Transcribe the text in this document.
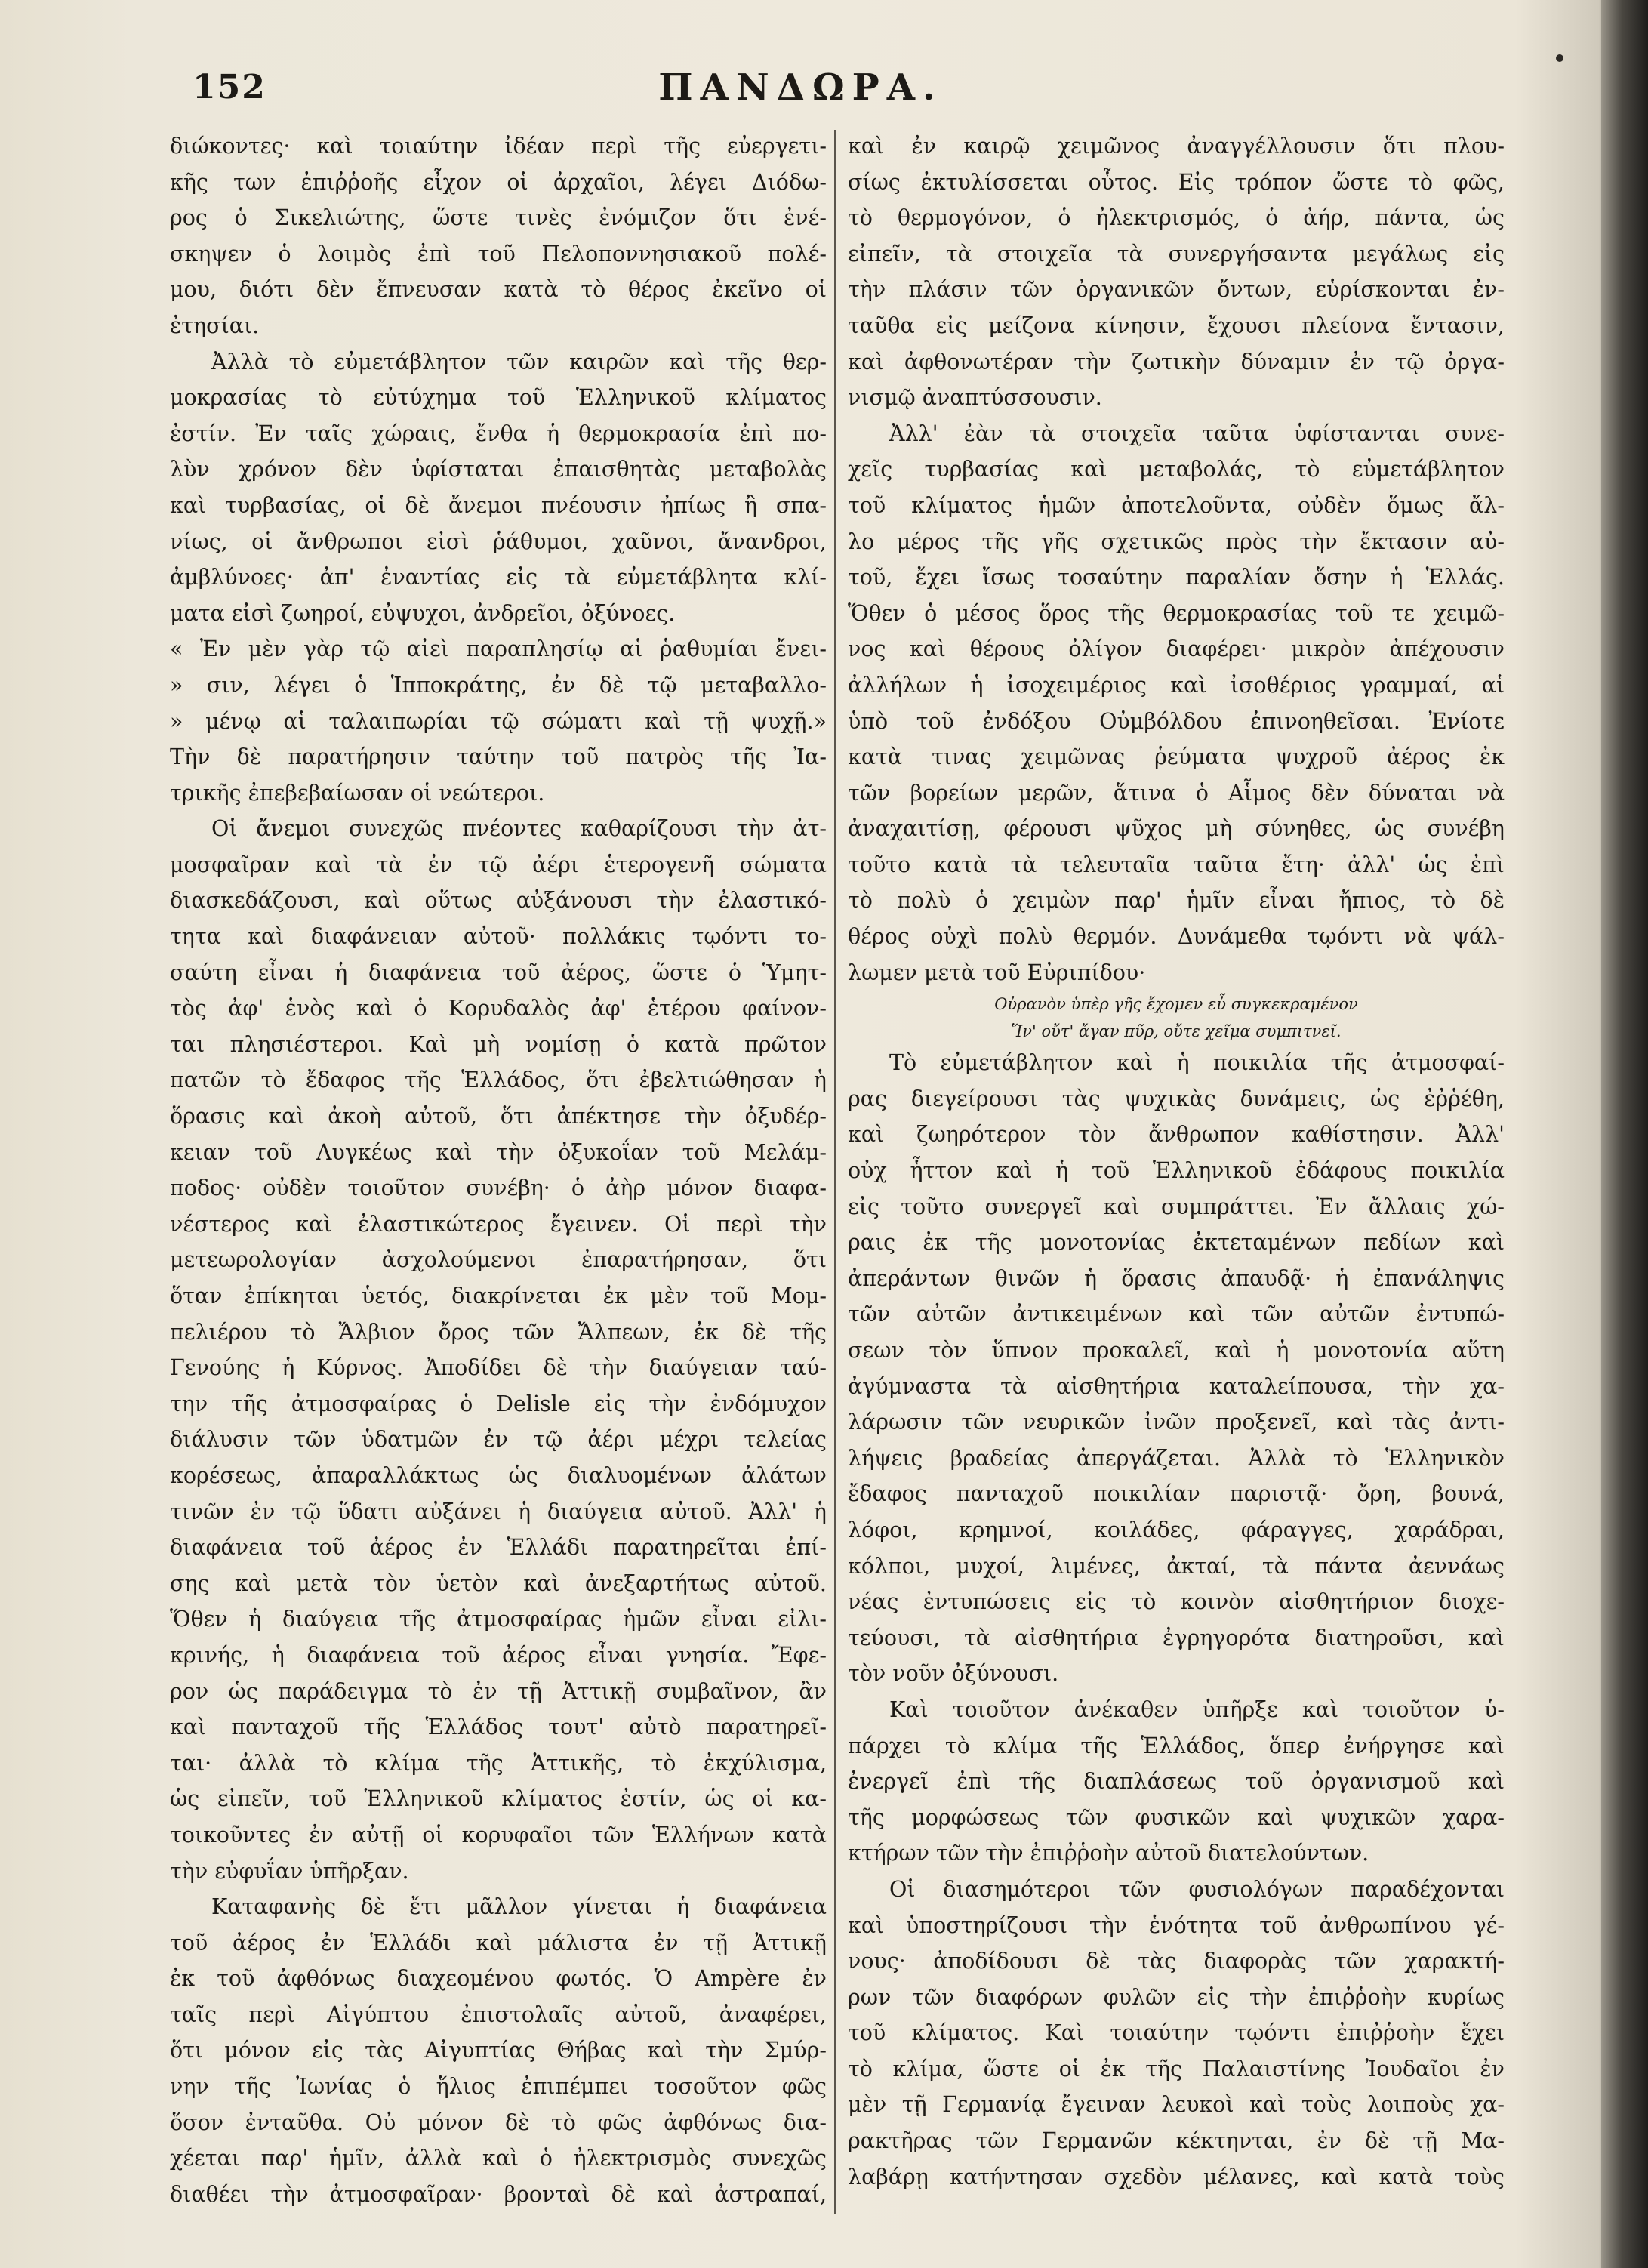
152	ΠΑΝΔΩΡΑ.
διώκοντες· καὶ τοιαύτην ἰδέαν περὶ τῆς εὐεργετι-
κῆς των ἐπιῤῥοῆς εἶχον οἱ ἀρχαῖοι, λέγει Διόδω-
ρος ὁ Σικελιώτης, ὥστε τινὲς ἐνόμιζον ὅτι ἐνέ-
σκηψεν ὁ λοιμὸς ἐπὶ τοῦ Πελοποννησιακοῦ πολέ-
μου, διότι δὲν ἔπνευσαν κατὰ τὸ θέρος ἐκεῖνο οἱ
ἐτησίαι.
Ἀλλὰ τὸ εὐμετάβλητον τῶν καιρῶν καὶ τῆς θερ-
μοκρασίας τὸ εὐτύχημα τοῦ Ἑλληνικοῦ κλίματος
ἐστίν. Ἐν ταῖς χώραις, ἔνθα ἡ θερμοκρασία ἐπὶ πο-
λὺν χρόνον δὲν ὑφίσταται ἐπαισθητὰς μεταβολὰς
καὶ τυρβασίας, οἱ δὲ ἄνεμοι πνέουσιν ἠπίως ἢ σπα-
νίως, οἱ ἄνθρωποι εἰσὶ ῥάθυμοι, χαῦνοι, ἄνανδροι,
ἀμβλύνοες· ἀπ' ἐναντίας εἰς τὰ εὐμετάβλητα κλί-
ματα εἰσὶ ζωηροί, εὐψυχοι, ἀνδρεῖοι, ὀξύνοες.
« Ἐν μὲν γὰρ τῷ αἰεὶ παραπλησίῳ αἱ ῥαθυμίαι ἔνει-
» σιν, λέγει ὁ Ἱπποκράτης, ἐν δὲ τῷ μεταβαλλο-
» μένῳ αἱ ταλαιπωρίαι τῷ σώματι καὶ τῇ ψυχῇ.»
Τὴν δὲ παρατήρησιν ταύτην τοῦ πατρὸς τῆς Ἰα-
τρικῆς ἐπεβεβαίωσαν οἱ νεώτεροι.
Οἱ ἄνεμοι συνεχῶς πνέοντες καθαρίζουσι τὴν ἀτ-
μοσφαῖραν καὶ τὰ ἐν τῷ ἀέρι ἑτερογενῆ σώματα
διασκεδάζουσι, καὶ οὕτως αὐξάνουσι τὴν ἐλαστικό-
τητα καὶ διαφάνειαν αὐτοῦ· πολλάκις τῳόντι το-
σαύτη εἶναι ἡ διαφάνεια τοῦ ἀέρος, ὥστε ὁ Ὑμητ-
τὸς ἀφ' ἑνὸς καὶ ὁ Κορυδαλὸς ἀφ' ἑτέρου φαίνον-
ται πλησιέστεροι. Καὶ μὴ νομίσῃ ὁ κατὰ πρῶτον
πατῶν τὸ ἔδαφος τῆς Ἑλλάδος, ὅτι ἐβελτιώθησαν ἡ
ὅρασις καὶ ἀκοὴ αὐτοῦ, ὅτι ἀπέκτησε τὴν ὀξυδέρ-
κειαν τοῦ Λυγκέως καὶ τὴν ὀξυκοΐαν τοῦ Μελάμ-
ποδος· οὐδὲν τοιοῦτον συνέβη· ὁ ἀὴρ μόνον διαφα-
νέστερος καὶ ἐλαστικώτερος ἔγεινεν. Οἱ περὶ τὴν
μετεωρολογίαν ἀσχολούμενοι ἐπαρατήρησαν, ὅτι
ὅταν ἐπίκηται ὑετός, διακρίνεται ἐκ μὲν τοῦ Μομ-
πελιέρου τὸ Ἄλβιον ὄρος τῶν Ἄλπεων, ἐκ δὲ τῆς
Γενούης ἡ Κύρνος. Ἀποδίδει δὲ τὴν διαύγειαν ταύ-
την τῆς ἀτμοσφαίρας ὁ Delisle εἰς τὴν ἐνδόμυχον
διάλυσιν τῶν ὑδατμῶν ἐν τῷ ἀέρι μέχρι τελείας
κορέσεως, ἀπαραλλάκτως ὡς διαλυομένων ἀλάτων
τινῶν ἐν τῷ ὕδατι αὐξάνει ἡ διαύγεια αὐτοῦ. Ἀλλ' ἡ
διαφάνεια τοῦ ἀέρος ἐν Ἑλλάδι παρατηρεῖται ἐπί-
σης καὶ μετὰ τὸν ὑετὸν καὶ ἀνεξαρτήτως αὐτοῦ.
Ὅθεν ἡ διαύγεια τῆς ἀτμοσφαίρας ἡμῶν εἶναι εἰλι-
κρινής, ἡ διαφάνεια τοῦ ἀέρος εἶναι γνησία. Ἔφε-
ρον ὡς παράδειγμα τὸ ἐν τῇ Ἀττικῇ συμβαῖνον, ἂν
καὶ πανταχοῦ τῆς Ἑλλάδος τουτ' αὐτὸ παρατηρεῖ-
ται· ἀλλὰ τὸ κλίμα τῆς Ἀττικῆς, τὸ ἐκχύλισμα,
ὡς εἰπεῖν, τοῦ Ἑλληνικοῦ κλίματος ἐστίν, ὡς οἱ κα-
τοικοῦντες ἐν αὐτῇ οἱ κορυφαῖοι τῶν Ἑλλήνων κατὰ
τὴν εὐφυΐαν ὑπῆρξαν.
Καταφανὴς δὲ ἔτι μᾶλλον γίνεται ἡ διαφάνεια
τοῦ ἀέρος ἐν Ἑλλάδι καὶ μάλιστα ἐν τῇ Ἀττικῇ
ἐκ τοῦ ἀφθόνως διαχεομένου φωτός. Ὁ Ampère ἐν
ταῖς περὶ Αἰγύπτου ἐπιστολαῖς αὐτοῦ, ἀναφέρει,
ὅτι μόνον εἰς τὰς Αἰγυπτίας Θήβας καὶ τὴν Σμύρ-
νην τῆς Ἰωνίας ὁ ἥλιος ἐπιπέμπει τοσοῦτον φῶς
ὅσον ἐνταῦθα. Οὐ μόνον δὲ τὸ φῶς ἀφθόνως δια-
χέεται παρ' ἡμῖν, ἀλλὰ καὶ ὁ ἠλεκτρισμὸς συνεχῶς
διαθέει τὴν ἀτμοσφαῖραν· βρονταὶ δὲ καὶ ἀστραπαί,
καὶ ἐν καιρῷ χειμῶνος ἀναγγέλλουσιν ὅτι πλου-
σίως ἐκτυλίσσεται οὗτος. Εἰς τρόπον ὥστε τὸ φῶς,
τὸ θερμογόνον, ὁ ἠλεκτρισμός, ὁ ἀήρ, πάντα, ὡς
εἰπεῖν, τὰ στοιχεῖα τὰ συνεργήσαντα μεγάλως εἰς
τὴν πλάσιν τῶν ὀργανικῶν ὄντων, εὑρίσκονται ἐν-
ταῦθα εἰς μείζονα κίνησιν, ἔχουσι πλείονα ἔντασιν,
καὶ ἀφθονωτέραν τὴν ζωτικὴν δύναμιν ἐν τῷ ὀργα-
νισμῷ ἀναπτύσσουσιν.
Ἀλλ' ἐὰν τὰ στοιχεῖα ταῦτα ὑφίστανται συνε-
χεῖς τυρβασίας καὶ μεταβολάς, τὸ εὐμετάβλητον
τοῦ κλίματος ἡμῶν ἀποτελοῦντα, οὐδὲν ὅμως ἄλ-
λο μέρος τῆς γῆς σχετικῶς πρὸς τὴν ἔκτασιν αὐ-
τοῦ, ἔχει ἴσως τοσαύτην παραλίαν ὅσην ἡ Ἑλλάς.
Ὅθεν ὁ μέσος ὅρος τῆς θερμοκρασίας τοῦ τε χειμῶ-
νος καὶ θέρους ὀλίγον διαφέρει· μικρὸν ἀπέχουσιν
ἀλλήλων ἡ ἰσοχειμέριος καὶ ἰσοθέριος γραμμαί, αἱ
ὑπὸ τοῦ ἐνδόξου Οὐμβόλδου ἐπινοηθεῖσαι. Ἐνίοτε
κατὰ τινας χειμῶνας ῥεύματα ψυχροῦ ἀέρος ἐκ
τῶν βορείων μερῶν, ἅτινα ὁ Αἷμος δὲν δύναται νὰ
ἀναχαιτίσῃ, φέρουσι ψῦχος μὴ σύνηθες, ὡς συνέβη
τοῦτο κατὰ τὰ τελευταῖα ταῦτα ἔτη· ἀλλ' ὡς ἐπὶ
τὸ πολὺ ὁ χειμὼν παρ' ἡμῖν εἶναι ἤπιος, τὸ δὲ
θέρος οὐχὶ πολὺ θερμόν. Δυνάμεθα τῳόντι νὰ ψάλ-
λωμεν μετὰ τοῦ Εὐριπίδου·
Οὐρανὸν ὑπὲρ γῆς ἔχομεν εὖ συγκεκραμένον
Ἵν' οὔτ' ἄγαν πῦρ, οὔτε χεῖμα συμπιτνεῖ.
Τὸ εὐμετάβλητον καὶ ἡ ποικιλία τῆς ἀτμοσφαί-
ρας διεγείρουσι τὰς ψυχικὰς δυνάμεις, ὡς ἐῤῥέθη,
καὶ ζωηρότερον τὸν ἄνθρωπον καθίστησιν. Ἀλλ'
οὐχ ἧττον καὶ ἡ τοῦ Ἑλληνικοῦ ἐδάφους ποικιλία
εἰς τοῦτο συνεργεῖ καὶ συμπράττει. Ἐν ἄλλαις χώ-
ραις ἐκ τῆς μονοτονίας ἐκτεταμένων πεδίων καὶ
ἀπεράντων θινῶν ἡ ὅρασις ἀπαυδᾷ· ἡ ἐπανάληψις
τῶν αὐτῶν ἀντικειμένων καὶ τῶν αὐτῶν ἐντυπώ-
σεων τὸν ὕπνον προκαλεῖ, καὶ ἡ μονοτονία αὕτη
ἀγύμναστα τὰ αἰσθητήρια καταλείπουσα, τὴν χα-
λάρωσιν τῶν νευρικῶν ἰνῶν προξενεῖ, καὶ τὰς ἀντι-
λήψεις βραδείας ἀπεργάζεται. Ἀλλὰ τὸ Ἑλληνικὸν
ἔδαφος πανταχοῦ ποικιλίαν παριστᾷ· ὄρη, βουνά,
λόφοι, κρημνοί, κοιλάδες, φάραγγες, χαράδραι,
κόλποι, μυχοί, λιμένες, ἀκταί, τὰ πάντα ἀεννάως
νέας ἐντυπώσεις εἰς τὸ κοινὸν αἰσθητήριον διοχε-
τεύουσι, τὰ αἰσθητήρια ἐγρηγορότα διατηροῦσι, καὶ
τὸν νοῦν ὀξύνουσι.
Καὶ τοιοῦτον ἀνέκαθεν ὑπῆρξε καὶ τοιοῦτον ὑ-
πάρχει τὸ κλίμα τῆς Ἑλλάδος, ὅπερ ἐνήργησε καὶ
ἐνεργεῖ ἐπὶ τῆς διαπλάσεως τοῦ ὀργανισμοῦ καὶ
τῆς μορφώσεως τῶν φυσικῶν καὶ ψυχικῶν χαρα-
κτήρων τῶν τὴν ἐπιῤῥοὴν αὐτοῦ διατελούντων.
Οἱ διασημότεροι τῶν φυσιολόγων παραδέχονται
καὶ ὑποστηρίζουσι τὴν ἑνότητα τοῦ ἀνθρωπίνου γέ-
νους· ἀποδίδουσι δὲ τὰς διαφορὰς τῶν χαρακτή-
ρων τῶν διαφόρων φυλῶν εἰς τὴν ἐπιῤῥοὴν κυρίως
τοῦ κλίματος. Καὶ τοιαύτην τῳόντι ἐπιῤῥοὴν ἔχει
τὸ κλίμα, ὥστε οἱ ἐκ τῆς Παλαιστίνης Ἰουδαῖοι ἐν
μὲν τῇ Γερμανίᾳ ἔγειναν λευκοὶ καὶ τοὺς λοιποὺς χα-
ρακτῆρας τῶν Γερμανῶν κέκτηνται, ἐν δὲ τῇ Μα-
λαβάρῃ κατήντησαν σχεδὸν μέλανες, καὶ κατὰ τοὺς
